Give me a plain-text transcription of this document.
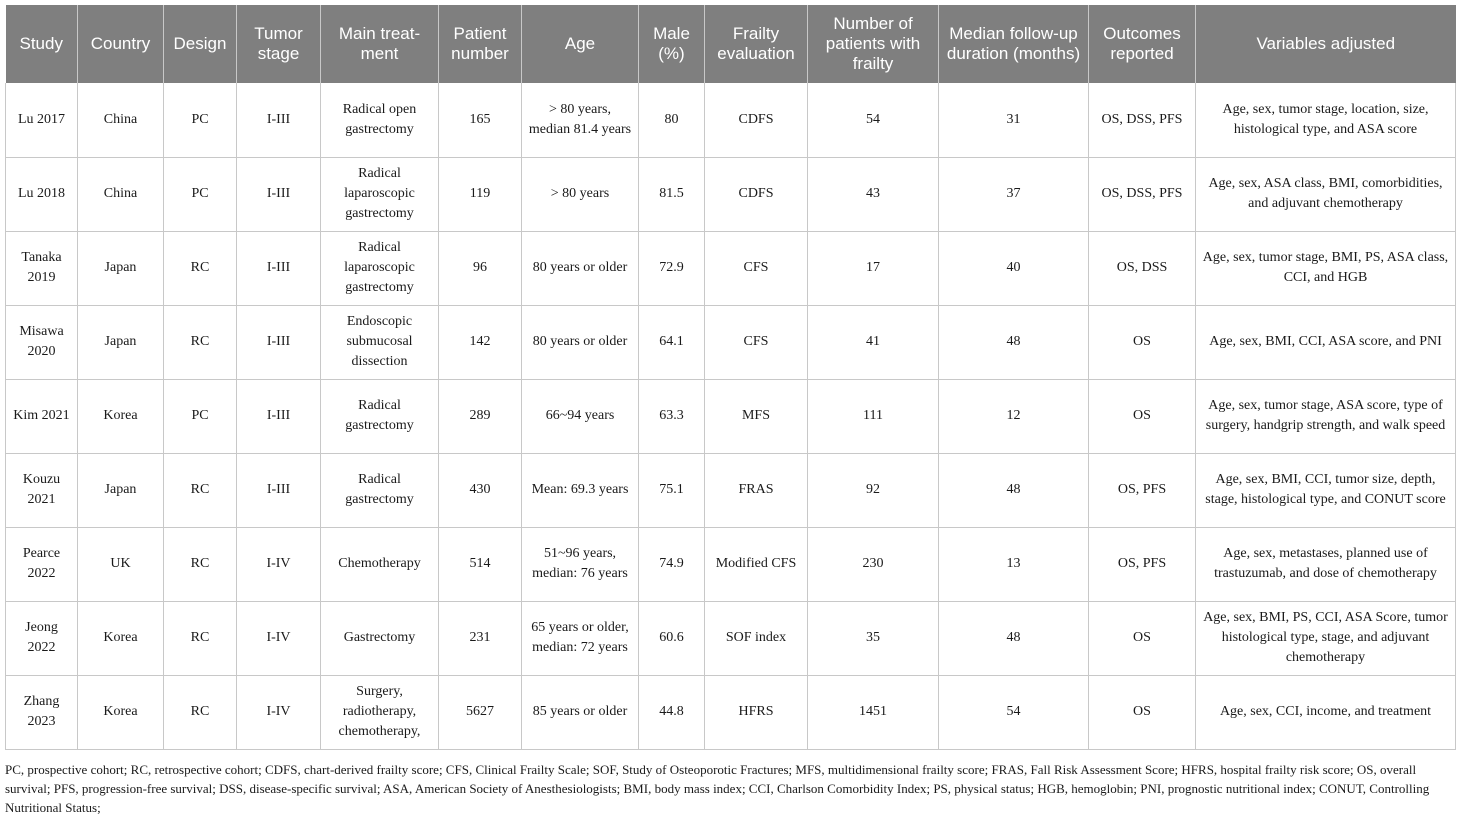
Study	Country	Design	Tumor stage	Main treat-ment	Patient number	Age	Male (%)	Frailty evaluation	Number of patients with frailty	Median follow-up duration (months)	Outcomes reported	Variables adjusted
Lu 2017	China	PC	I-III	Radical open gastrectomy	165	> 80 years, median 81.4 years	80	CDFS	54	31	OS, DSS, PFS	Age, sex, tumor stage, location, size, histological type, and ASA score
Lu 2018	China	PC	I-III	Radical laparoscopic gastrectomy	119	> 80 years	81.5	CDFS	43	37	OS, DSS, PFS	Age, sex, ASA class, BMI, comorbidities, and adjuvant chemotherapy
Tanaka 2019	Japan	RC	I-III	Radical laparoscopic gastrectomy	96	80 years or older	72.9	CFS	17	40	OS, DSS	Age, sex, tumor stage, BMI, PS, ASA class, CCI, and HGB
Misawa 2020	Japan	RC	I-III	Endoscopic submucosal dissection	142	80 years or older	64.1	CFS	41	48	OS	Age, sex, BMI, CCI, ASA score, and PNI
Kim 2021	Korea	PC	I-III	Radical gastrectomy	289	66~94 years	63.3	MFS	111	12	OS	Age, sex, tumor stage, ASA score, type of surgery, handgrip strength, and walk speed
Kouzu 2021	Japan	RC	I-III	Radical gastrectomy	430	Mean: 69.3 years	75.1	FRAS	92	48	OS, PFS	Age, sex, BMI, CCI, tumor size, depth, stage, histological type, and CONUT score
Pearce 2022	UK	RC	I-IV	Chemotherapy	514	51~96 years, median: 76 years	74.9	Modified CFS	230	13	OS, PFS	Age, sex, metastases, planned use of trastuzumab, and dose of chemotherapy
Jeong 2022	Korea	RC	I-IV	Gastrectomy	231	65 years or older, median: 72 years	60.6	SOF index	35	48	OS	Age, sex, BMI, PS, CCI, ASA Score, tumor histological type, stage, and adjuvant chemotherapy
Zhang 2023	Korea	RC	I-IV	Surgery, radiotherapy, chemotherapy,	5627	85 years or older	44.8	HFRS	1451	54	OS	Age, sex, CCI, income, and treatment
PC, prospective cohort; RC, retrospective cohort; CDFS, chart-derived frailty score; CFS, Clinical Frailty Scale; SOF, Study of Osteoporotic Fractures; MFS, multidimensional frailty score; FRAS, Fall Risk Assessment Score; HFRS, hospital frailty risk score; OS, overall survival; PFS, progression-free survival; DSS, disease-specific survival; ASA, American Society of Anesthesiologists; BMI, body mass index; CCI, Charlson Comorbidity Index; PS, physical status; HGB, hemoglobin; PNI, prognostic nutritional index; CONUT, Controlling Nutritional Status;
